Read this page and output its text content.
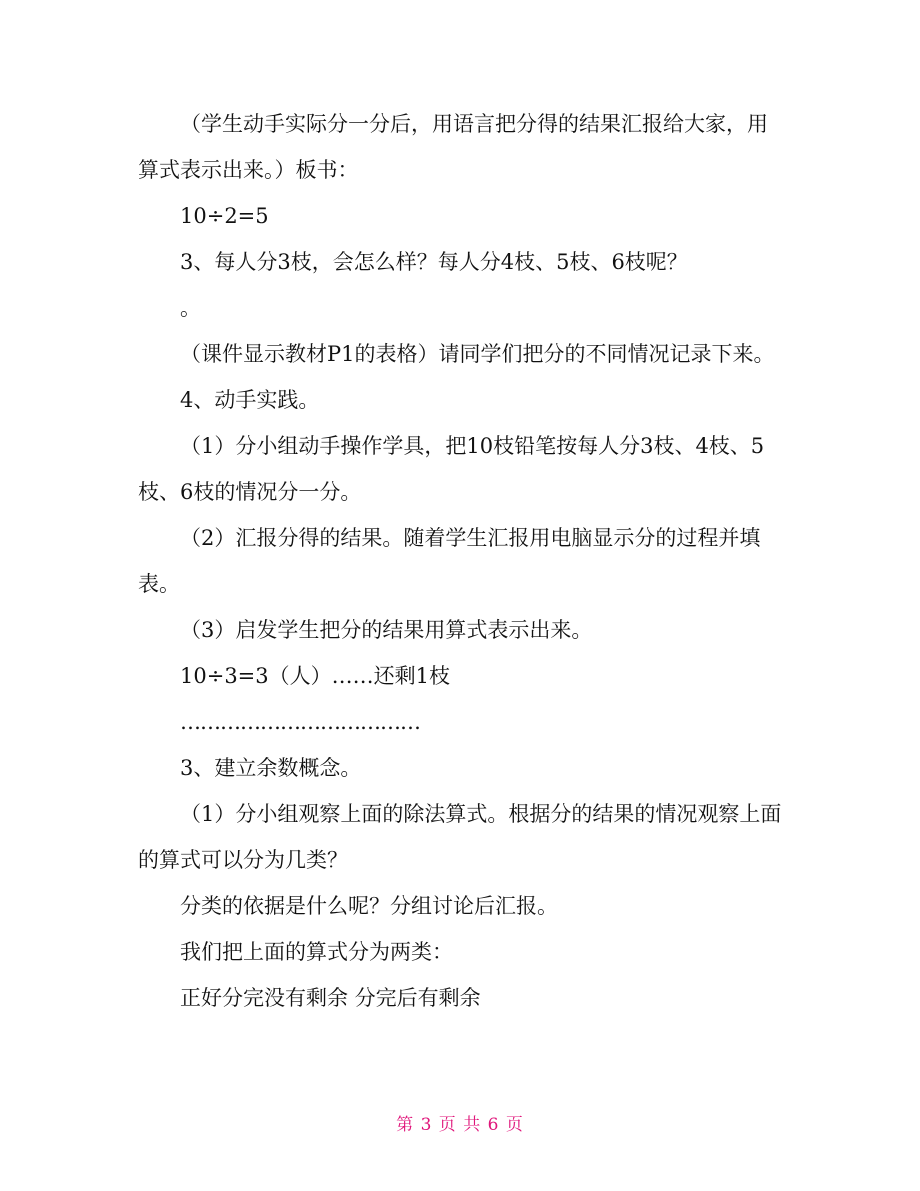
（学生动手实际分一分后，用语言把分得的结果汇报给大家，用算式表示出来。）板书：

10÷2=5

3、每人分3枝，会怎么样？每人分4枝、5枝、6枝呢？

。

（课件显示教材P1的表格）请同学们把分的不同情况记录下来。

4、动手实践。

（1）分小组动手操作学具，把10枝铅笔按每人分3枝、4枝、5枝、6枝的情况分一分。

（2）汇报分得的结果。随着学生汇报用电脑显示分的过程并填表。

（3）启发学生把分的结果用算式表示出来。

10÷3=3（人）……还剩1枝

………………………………

3、建立余数概念。

（1）分小组观察上面的除法算式。根据分的结果的情况观察上面的算式可以分为几类？

分类的依据是什么呢？分组讨论后汇报。

我们把上面的算式分为两类：

正好分完没有剩余 分完后有剩余

第 3 页 共 6 页
